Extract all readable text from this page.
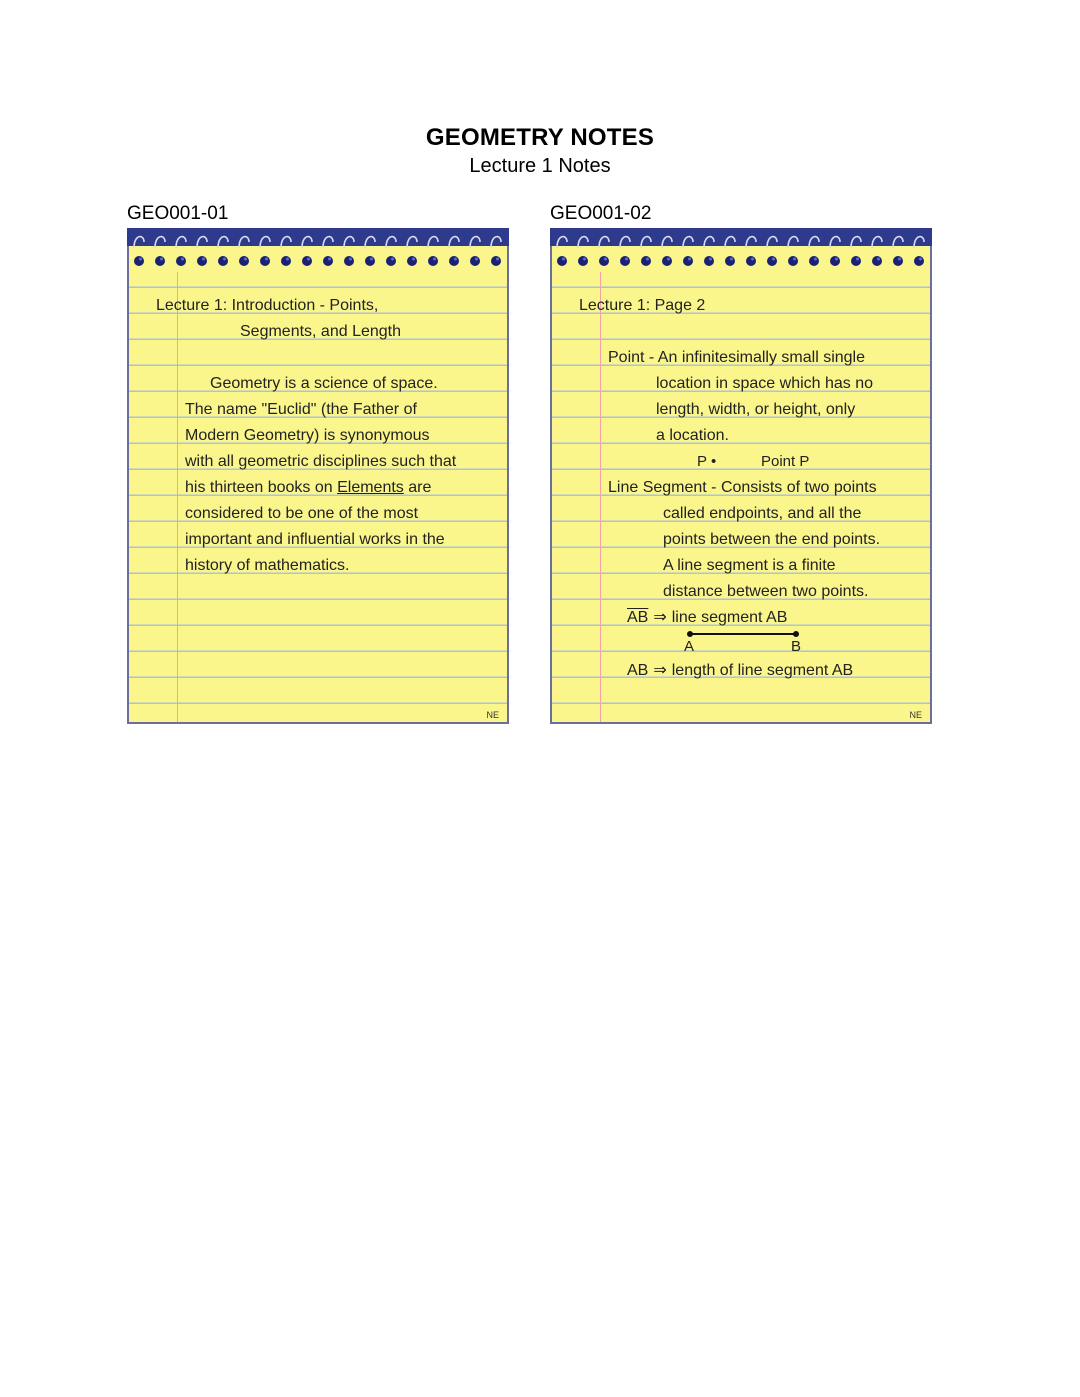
GEOMETRY NOTES
Lecture 1 Notes
GEO001-01
Lecture 1: Introduction - Points,
Segments, and Length
Geometry is a science of space.
The name "Euclid" (the Father of
Modern Geometry) is synonymous
with all geometric disciplines such that
his thirteen books on Elements are
considered to be one of the most
important and influential works in the
history of mathematics.
NE
GEO001-02
Lecture 1: Page 2
Point - An infinitesimally small single
location in space which has no
length, width, or height, only
a location.
P •	Point P
Line Segment - Consists of two points
called endpoints, and all the
points between the end points.
A line segment is a finite
distance between two points.
$\overline{AB}$ ⇒ line segment AB
A	B
AB ⇒ length of line segment AB
NE
